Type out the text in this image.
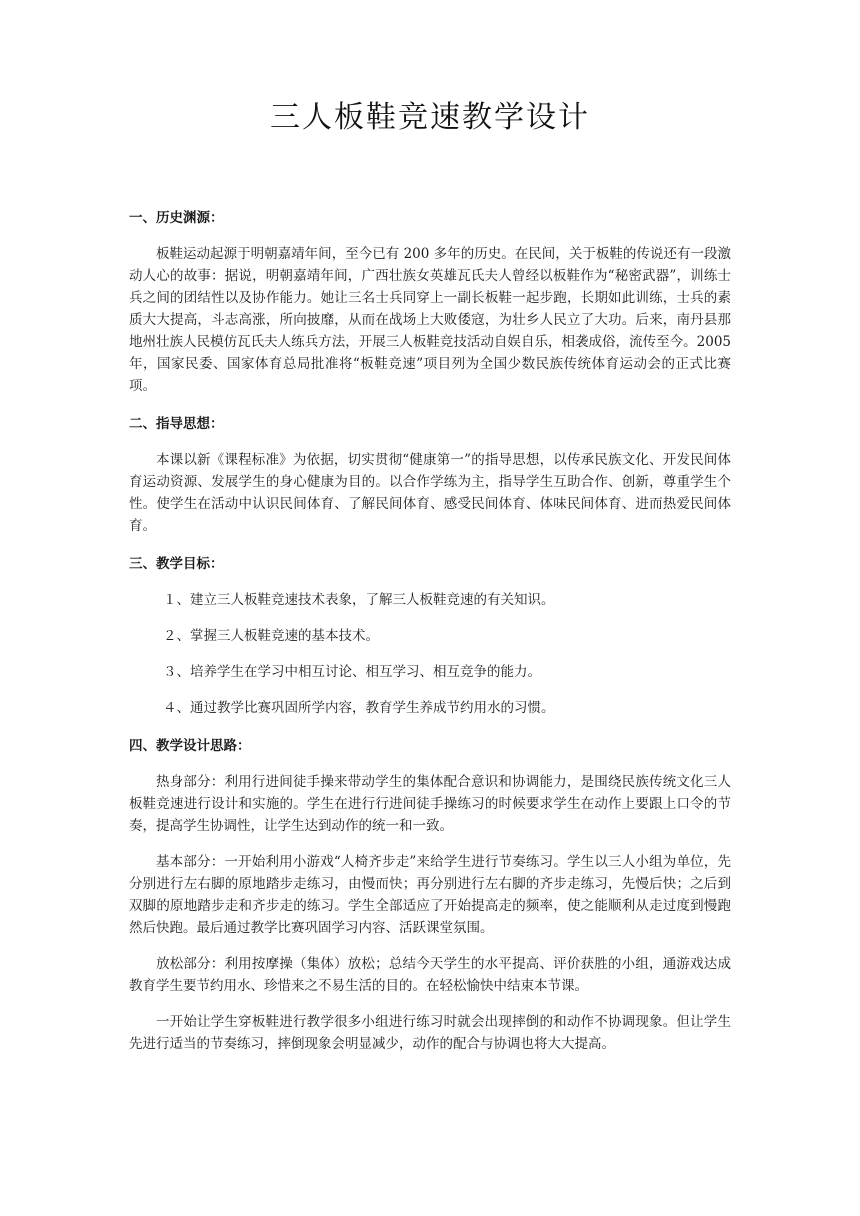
三人板鞋竞速教学设计

一、历史渊源：

板鞋运动起源于明朝嘉靖年间，至今已有 200 多年的历史。在民间，关于板鞋的传说还有一段激动人心的故事：据说，明朝嘉靖年间，广西壮族女英雄瓦氏夫人曾经以板鞋作为“秘密武器”，训练士兵之间的团结性以及协作能力。她让三名士兵同穿上一副长板鞋一起步跑，长期如此训练，士兵的素质大大提高，斗志高涨，所向披靡，从而在战场上大败倭寇，为壮乡人民立了大功。后来，南丹县那地州壮族人民模仿瓦氏夫人练兵方法，开展三人板鞋竞技活动自娱自乐，相袭成俗，流传至今。2005 年，国家民委、国家体育总局批准将“板鞋竞速”项目列为全国少数民族传统体育运动会的正式比赛项。

二、指导思想：

本课以新《课程标准》为依据，切实贯彻“健康第一”的指导思想，以传承民族文化、开发民间体育运动资源、发展学生的身心健康为目的。以合作学练为主，指导学生互助合作、创新，尊重学生个性。使学生在活动中认识民间体育、了解民间体育、感受民间体育、体味民间体育、进而热爱民间体育。

三、教学目标：

１、建立三人板鞋竞速技术表象，了解三人板鞋竞速的有关知识。

２、掌握三人板鞋竞速的基本技术。

３、培养学生在学习中相互讨论、相互学习、相互竞争的能力。

４、通过教学比赛巩固所学内容，教育学生养成节约用水的习惯。

四、教学设计思路：

热身部分：利用行进间徒手操来带动学生的集体配合意识和协调能力，是围绕民族传统文化三人板鞋竞速进行设计和实施的。学生在进行行进间徒手操练习的时候要求学生在动作上要跟上口令的节奏，提高学生协调性，让学生达到动作的统一和一致。

基本部分：一开始利用小游戏“人椅齐步走”来给学生进行节奏练习。学生以三人小组为单位，先分别进行左右脚的原地踏步走练习，由慢而快；再分别进行左右脚的齐步走练习，先慢后快；之后到双脚的原地踏步走和齐步走的练习。学生全部适应了开始提高走的频率，使之能顺利从走过度到慢跑然后快跑。最后通过教学比赛巩固学习内容、活跃课堂氛围。

放松部分：利用按摩操（集体）放松；总结今天学生的水平提高、评价获胜的小组，通游戏达成教育学生要节约用水、珍惜来之不易生活的目的。在轻松愉快中结束本节课。

一开始让学生穿板鞋进行教学很多小组进行练习时就会出现摔倒的和动作不协调现象。但让学生先进行适当的节奏练习，摔倒现象会明显减少，动作的配合与协调也将大大提高。
